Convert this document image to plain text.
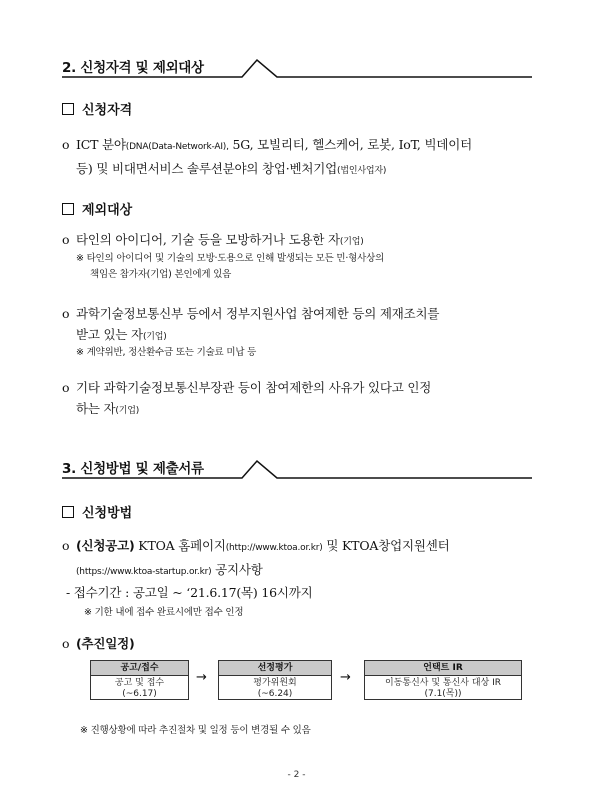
2. 신청자격 및 제외대상
신청자격
o ICT 분야(DNA(Data-Network-AI), 5G, 모빌리티, 헬스케어, 로봇, IoT, 빅데이터
등) 및 비대면서비스 솔루션분야의 창업·벤처기업(법인사업자)
제외대상
o 타인의 아이디어, 기술 등을 모방하거나 도용한 자(기업)
※ 타인의 아이디어 및 기술의 모방·도용으로 인해 발생되는 모든 민·형사상의
책임은 참가자(기업) 본인에게 있음
o 과학기술정보통신부 등에서 정부지원사업 참여제한 등의 제재조치를
받고 있는 자(기업)
※ 계약위반, 정산환수금 또는 기술료 미납 등
o 기타 과학기술정보통신부장관 등이 참여제한의 사유가 있다고 인정
하는 자(기업)
3. 신청방법 및 제출서류
신청방법
o (신청공고) KTOA 홈페이지(http://www.ktoa.or.kr) 및 KTOA창업지원센터
(https://www.ktoa-startup.or.kr) 공지사항
- 접수기간 : 공고일 ~ ‘21.6.17(목) 16시까지
※ 기한 내에 접수 완료시에만 접수 인정
o (추진일정)
공고/접수
공고 및 접수
(~6.17)
→
선정평가
평가위원회
(~6.24)
→
언택트 IR
이동통신사 및 통신사 대상 IR
(7.1(목))
※ 진행상황에 따라 추진절차 및 일정 등이 변경될 수 있음
- 2 -
